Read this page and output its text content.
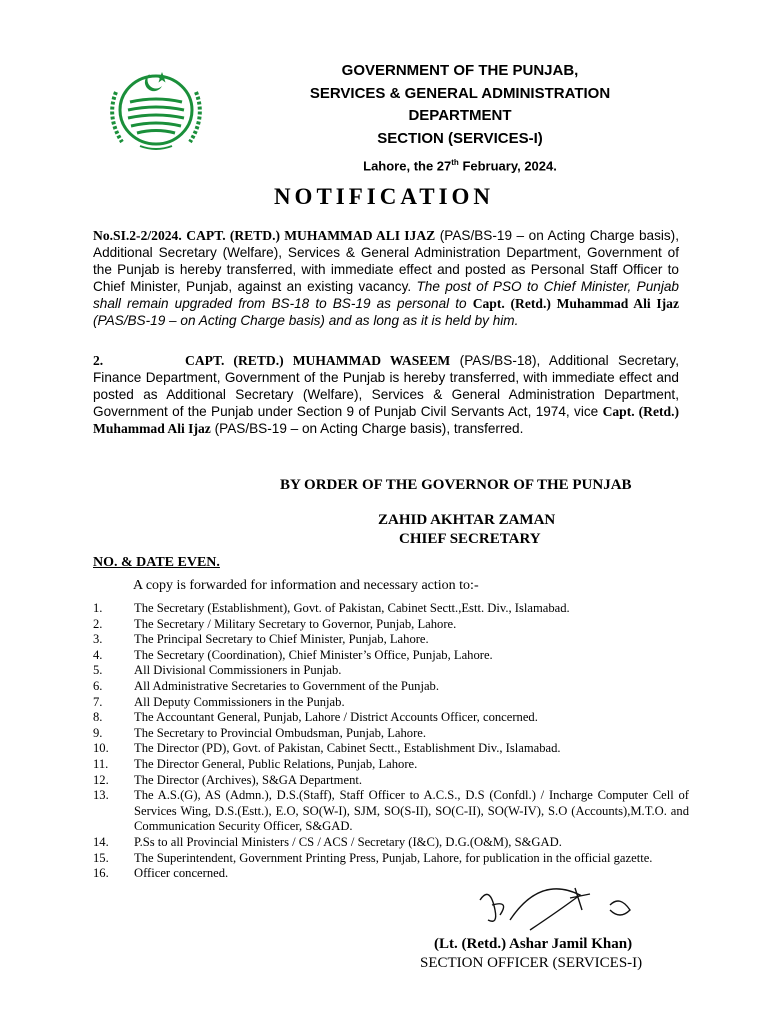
GOVERNMENT OF THE PUNJAB,
SERVICES & GENERAL ADMINISTRATION
DEPARTMENT
SECTION (SERVICES-I)
Lahore, the 27th February, 2024.
NOTIFICATION
No.SI.2-2/2024. CAPT. (RETD.) MUHAMMAD ALI IJAZ (PAS/BS-19 – on Acting Charge basis), Additional Secretary (Welfare), Services & General Administration Department, Government of the Punjab is hereby transferred, with immediate effect and posted as Personal Staff Officer to Chief Minister, Punjab, against an existing vacancy. The post of PSO to Chief Minister, Punjab shall remain upgraded from BS-18 to BS-19 as personal to Capt. (Retd.) Muhammad Ali Ijaz (PAS/BS-19 – on Acting Charge basis) and as long as it is held by him.
2.	CAPT. (RETD.) MUHAMMAD WASEEM (PAS/BS-18), Additional Secretary, Finance Department, Government of the Punjab is hereby transferred, with immediate effect and posted as Additional Secretary (Welfare), Services & General Administration Department, Government of the Punjab under Section 9 of Punjab Civil Servants Act, 1974, vice Capt. (Retd.) Muhammad Ali Ijaz (PAS/BS-19 – on Acting Charge basis), transferred.
BY ORDER OF THE GOVERNOR OF THE PUNJAB
ZAHID AKHTAR ZAMAN
CHIEF SECRETARY
NO. & DATE EVEN.
A copy is forwarded for information and necessary action to:-
1.	The Secretary (Establishment), Govt. of Pakistan, Cabinet Sectt.,Estt. Div., Islamabad.
2.	The Secretary / Military Secretary to Governor, Punjab, Lahore.
3.	The Principal Secretary to Chief Minister, Punjab, Lahore.
4.	The Secretary (Coordination), Chief Minister’s Office, Punjab, Lahore.
5.	All Divisional Commissioners in Punjab.
6.	All Administrative Secretaries to Government of the Punjab.
7.	All Deputy Commissioners in the Punjab.
8.	The Accountant General, Punjab, Lahore / District Accounts Officer, concerned.
9.	The Secretary to Provincial Ombudsman, Punjab, Lahore.
10.	The Director (PD), Govt. of Pakistan, Cabinet Sectt., Establishment Div., Islamabad.
11.	The Director General, Public Relations, Punjab, Lahore.
12.	The Director (Archives), S&GA Department.
13.	The A.S.(G), AS (Admn.), D.S.(Staff), Staff Officer to A.C.S., D.S (Confdl.) / Incharge Computer Cell of Services Wing, D.S.(Estt.), E.O, SO(W-I), SJM, SO(S-II), SO(C-II), SO(W-IV), S.O (Accounts),M.T.O. and Communication Security Officer, S&GAD.
14.	P.Ss to all Provincial Ministers / CS / ACS / Secretary (I&C), D.G.(O&M), S&GAD.
15.	The Superintendent, Government Printing Press, Punjab, Lahore, for publication in the official gazette.
16.	Officer concerned.
(Lt. (Retd.) Ashar Jamil Khan)
SECTION OFFICER (SERVICES-I)
